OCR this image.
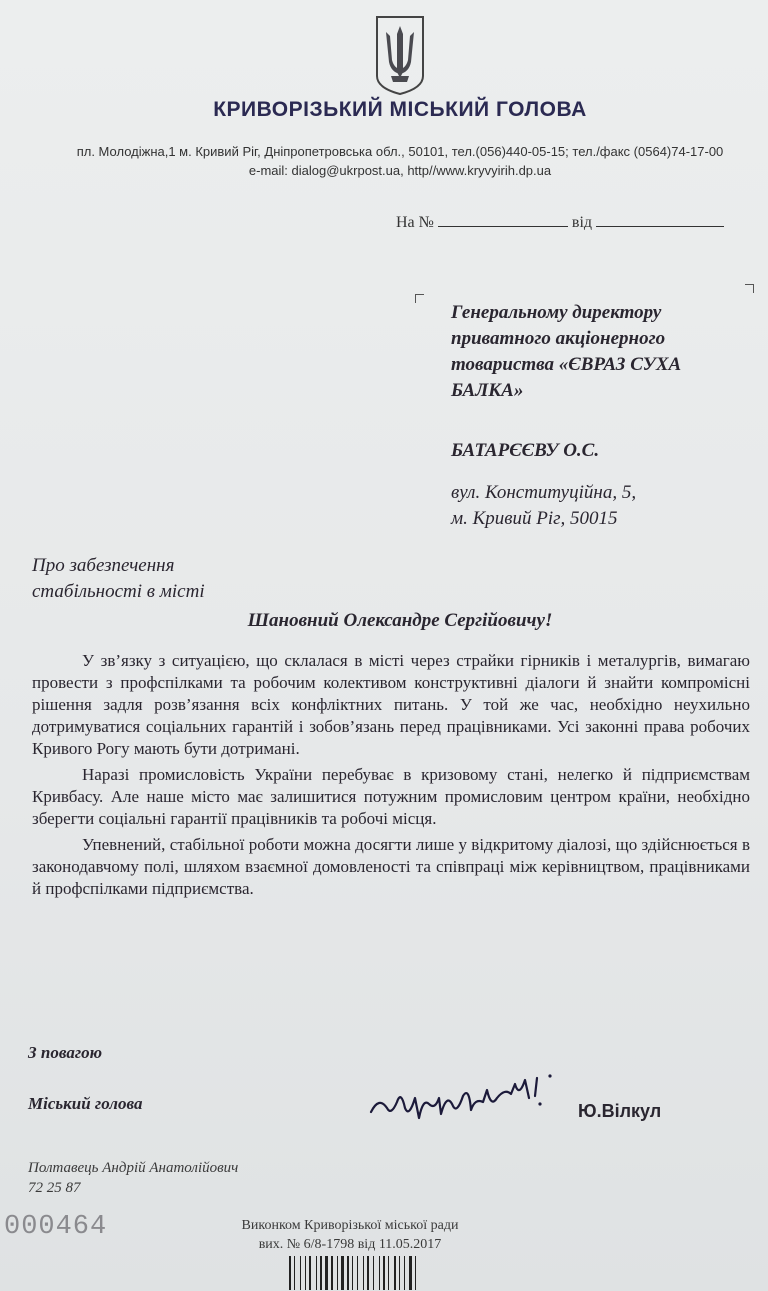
КРИВОРІЗЬКИЙ МІСЬКИЙ ГОЛОВА
пл. Молодіжна,1 м. Кривий Ріг, Дніпропетровська обл., 50101, тел.(056)440-05-15; тел./факс (0564)74-17-00
e-mail: dialog@ukrpost.ua, http//www.kryvyirih.dp.ua
На №	від
Генеральному директору
приватного акціонерного
товариства «ЄВРАЗ СУХА
БАЛКА»
БАТАРЄЄВУ О.С.
вул. Конституційна, 5,
м. Кривий Ріг, 50015
Про забезпечення
стабільності в місті
Шановний Олександре Сергійовичу!

У зв’язку з ситуацією, що склалася в місті через страйки гірників і металургів, вимагаю провести з профспілками та робочим колективом конструктивні діалоги й знайти компромісні рішення задля розв’язання всіх конфліктних питань. У той же час, необхідно неухильно дотримуватися соціальних гарантій і зобов’язань перед працівниками. Усі законні права робочих Кривого Рогу мають бути дотримані.

Наразі промисловість України перебуває в кризовому стані, нелегко й підприємствам Кривбасу. Але наше місто має залишитися потужним промисловим центром країни, необхідно зберегти соціальні гарантії працівників та робочі місця.

Упевнений, стабільної роботи можна досягти лише у відкритому діалозі, що здійснюється в законодавчому полі, шляхом взаємної домовленості та співпраці між керівництвом, працівниками й профспілками підприємства.

З повагою
Міський голова	Ю.Вілкул
Полтавець Андрій Анатолійович
72 25 87
000464	Виконком Криворізької міської ради
вих. № 6/8-1798 від 11.05.2017
